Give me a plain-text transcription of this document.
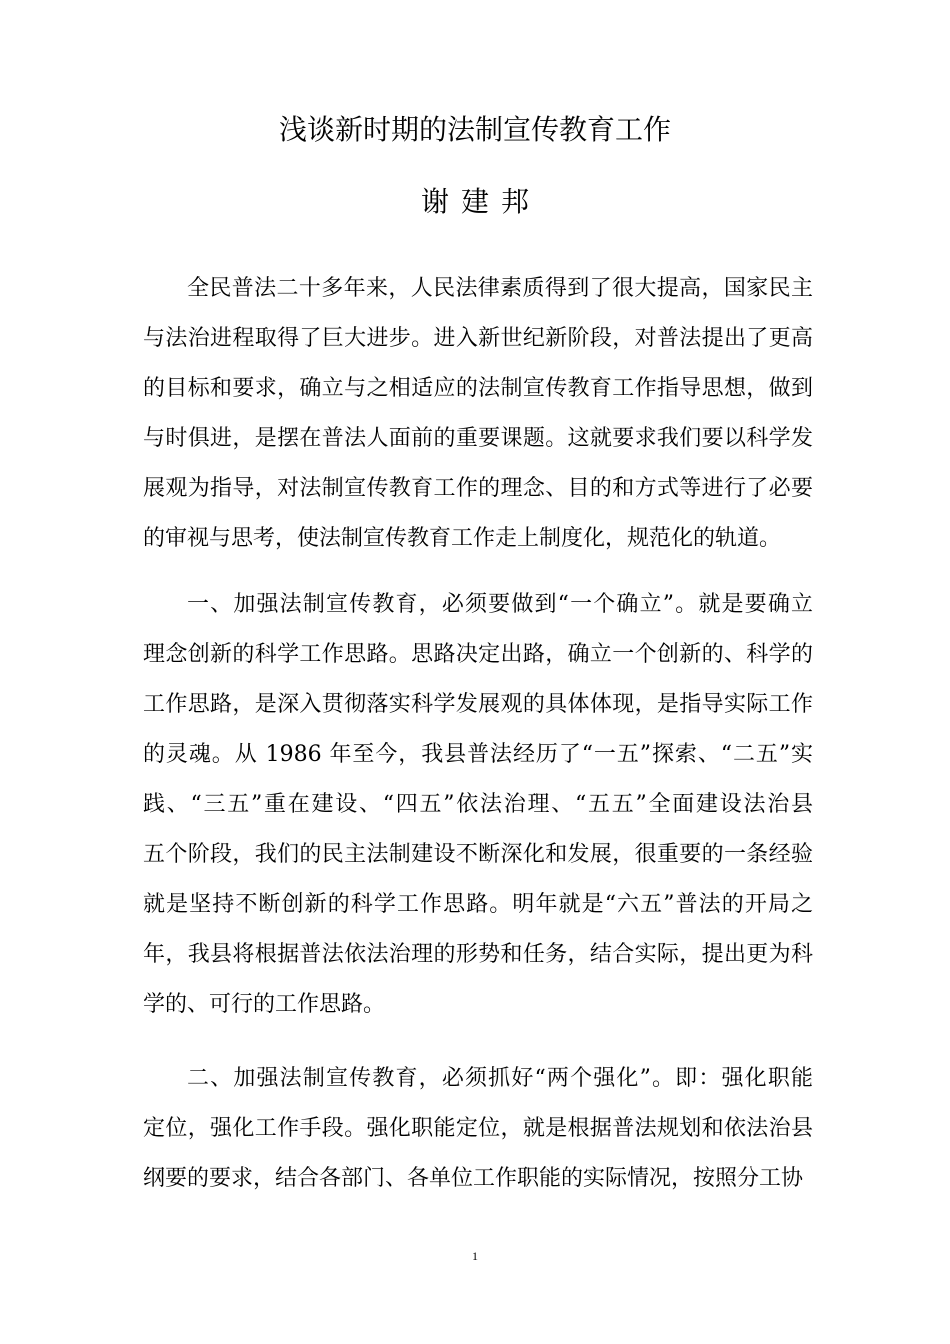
浅谈新时期的法制宣传教育工作
谢建邦
全民普法二十多年来，人民法律素质得到了很大提高，国家民主
与法治进程取得了巨大进步。进入新世纪新阶段，对普法提出了更高
的目标和要求，确立与之相适应的法制宣传教育工作指导思想，做到
与时俱进，是摆在普法人面前的重要课题。这就要求我们要以科学发
展观为指导，对法制宣传教育工作的理念、目的和方式等进行了必要
的审视与思考，使法制宣传教育工作走上制度化，规范化的轨道。
一、加强法制宣传教育，必须要做到“一个确立”。就是要确立
理念创新的科学工作思路。思路决定出路，确立一个创新的、科学的
工作思路，是深入贯彻落实科学发展观的具体体现，是指导实际工作
的灵魂。从 1986 年至今，我县普法经历了“一五”探索、“二五”实
践、“三五”重在建设、“四五”依法治理、“五五”全面建设法治县
五个阶段，我们的民主法制建设不断深化和发展，很重要的一条经验
就是坚持不断创新的科学工作思路。明年就是“六五”普法的开局之
年，我县将根据普法依法治理的形势和任务，结合实际，提出更为科
学的、可行的工作思路。
二、加强法制宣传教育，必须抓好“两个强化”。即：强化职能
定位，强化工作手段。强化职能定位，就是根据普法规划和依法治县
纲要的要求，结合各部门、各单位工作职能的实际情况，按照分工协
1
